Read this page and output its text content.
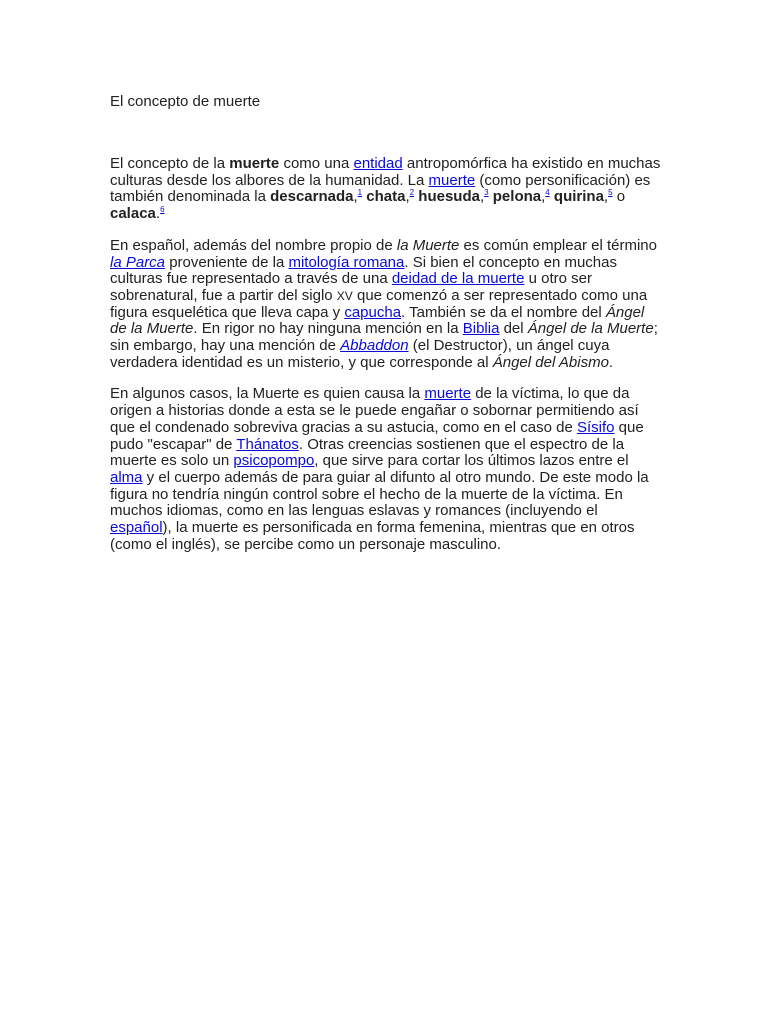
El concepto de muerte

El concepto de la muerte como una entidad antropomórfica ha existido en muchas culturas desde los albores de la humanidad. La muerte (como personificación) es también denominada la descarnada,$^1$ chata,$^2$ huesuda,$^3$ pelona,$^4$ quirina,$^5$ o calaca.$^6$

En español, además del nombre propio de la Muerte es común emplear el término la Parca proveniente de la mitología romana. Si bien el concepto en muchas culturas fue representado a través de una deidad de la muerte u otro ser sobrenatural, fue a partir del siglo XV que comenzó a ser representado como una figura esquelética que lleva capa y capucha. También se da el nombre del Ángel de la Muerte. En rigor no hay ninguna mención en la Biblia del Ángel de la Muerte; sin embargo, hay una mención de Abbaddon (el Destructor), un ángel cuya verdadera identidad es un misterio, y que corresponde al Ángel del Abismo.

En algunos casos, la Muerte es quien causa la muerte de la víctima, lo que da origen a historias donde a esta se le puede engañar o sobornar permitiendo así que el condenado sobreviva gracias a su astucia, como en el caso de Sísifo que pudo "escapar" de Thánatos. Otras creencias sostienen que el espectro de la muerte es solo un psicopompo, que sirve para cortar los últimos lazos entre el alma y el cuerpo además de para guiar al difunto al otro mundo. De este modo la figura no tendría ningún control sobre el hecho de la muerte de la víctima. En muchos idiomas, como en las lenguas eslavas y romances (incluyendo el español), la muerte es personificada en forma femenina, mientras que en otros (como el inglés), se percibe como un personaje masculino.
